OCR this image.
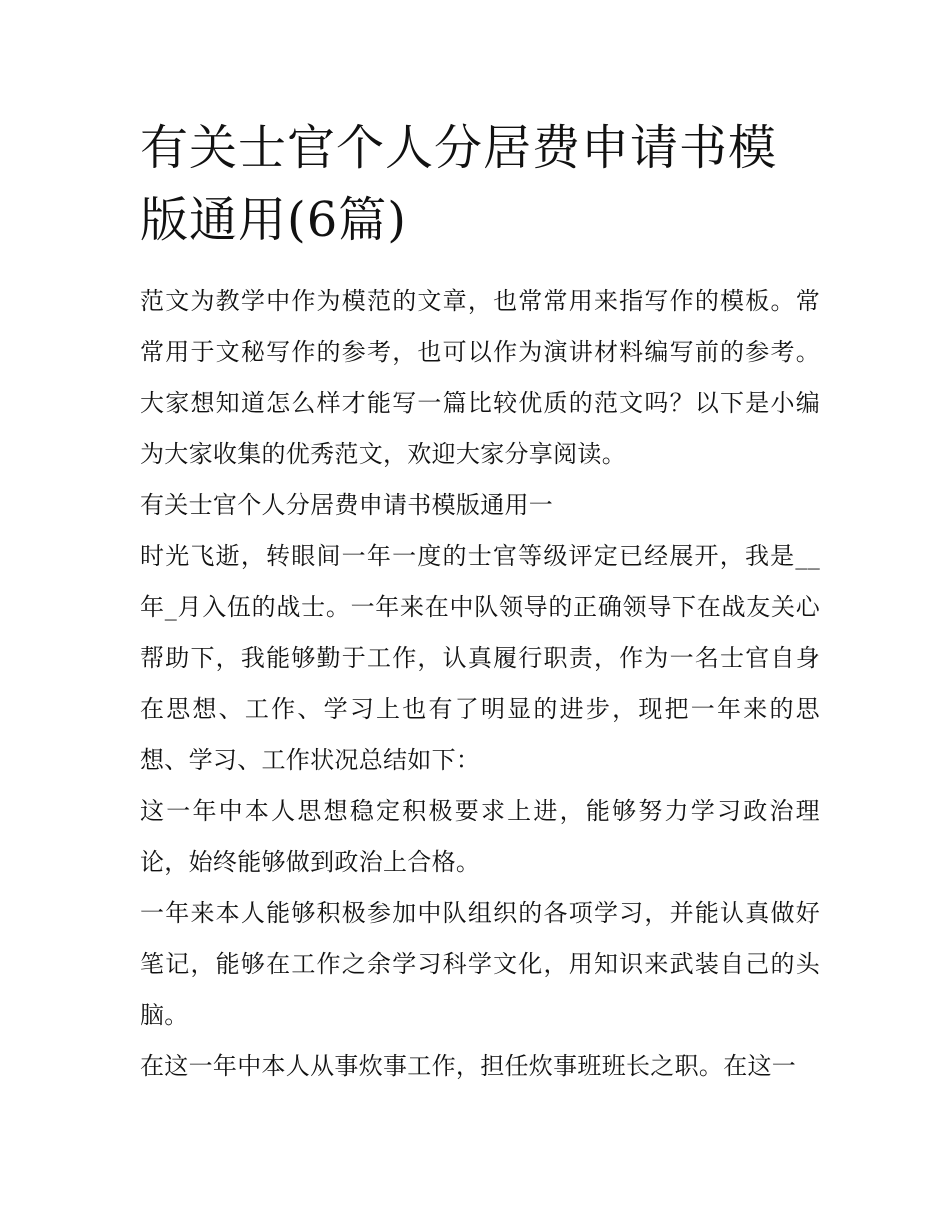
有关士官个人分居费申请书模版通用(6篇)

范文为教学中作为模范的文章，也常常用来指写作的模板。常常用于文秘写作的参考，也可以作为演讲材料编写前的参考。大家想知道怎么样才能写一篇比较优质的范文吗？以下是小编为大家收集的优秀范文，欢迎大家分享阅读。

有关士官个人分居费申请书模版通用一

时光飞逝，转眼间一年一度的士官等级评定已经展开，我是__年_月入伍的战士。一年来在中队领导的正确领导下在战友关心帮助下，我能够勤于工作，认真履行职责，作为一名士官自身在思想、工作、学习上也有了明显的进步，现把一年来的思想、学习、工作状况总结如下：

这一年中本人思想稳定积极要求上进，能够努力学习政治理论，始终能够做到政治上合格。

一年来本人能够积极参加中队组织的各项学习，并能认真做好笔记，能够在工作之余学习科学文化，用知识来武装自己的头脑。

在这一年中本人从事炊事工作，担任炊事班班长之职。在这一
